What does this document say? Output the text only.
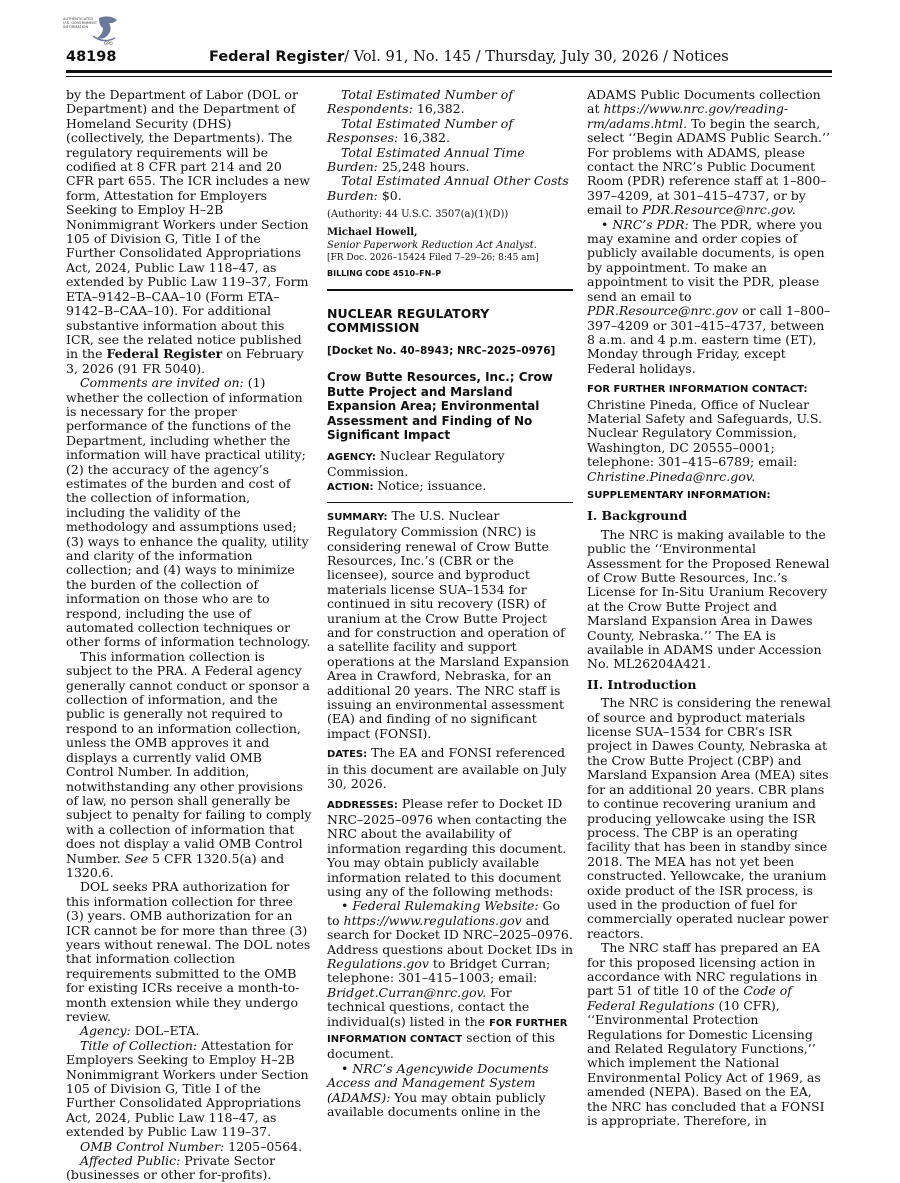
AUTHENTICATED
U.S. GOVERNMENT
INFORMATION
GPO
48198	Federal Register/ Vol. 91, No. 145 / Thursday, July 30, 2026 / Notices

by the Department of Labor (DOL or Department) and the Department of Homeland Security (DHS) (collectively, the Departments). The regulatory requirements will be codified at 8 CFR part 214 and 20 CFR part 655. The ICR includes a new form, Attestation for Employers Seeking to Employ H–2B Nonimmigrant Workers under Section 105 of Division G, Title I of the Further Consolidated Appropriations Act, 2024, Public Law 118–47, as extended by Public Law 119–37, Form ETA–9142–B–CAA–10 (Form ETA–9142–B–CAA–10). For additional substantive information about this ICR, see the related notice published in the Federal Register on February 3, 2026 (91 FR 5040).

Comments are invited on: (1) whether the collection of information is necessary for the proper performance of the functions of the Department, including whether the information will have practical utility; (2) the accuracy of the agency’s estimates of the burden and cost of the collection of information, including the validity of the methodology and assumptions used; (3) ways to enhance the quality, utility and clarity of the information collection; and (4) ways to minimize the burden of the collection of information on those who are to respond, including the use of automated collection techniques or other forms of information technology.

This information collection is subject to the PRA. A Federal agency generally cannot conduct or sponsor a collection of information, and the public is generally not required to respond to an information collection, unless the OMB approves it and displays a currently valid OMB Control Number. In addition, notwithstanding any other provisions of law, no person shall generally be subject to penalty for failing to comply with a collection of information that does not display a valid OMB Control Number. See 5 CFR 1320.5(a) and 1320.6.

DOL seeks PRA authorization for this information collection for three (3) years. OMB authorization for an ICR cannot be for more than three (3) years without renewal. The DOL notes that information collection requirements submitted to the OMB for existing ICRs receive a month-to-month extension while they undergo review.

Agency: DOL–ETA.

Title of Collection: Attestation for Employers Seeking to Employ H–2B Nonimmigrant Workers under Section 105 of Division G, Title I of the Further Consolidated Appropriations Act, 2024, Public Law 118–47, as extended by Public Law 119–37.

OMB Control Number: 1205–0564.

Affected Public: Private Sector (businesses or other for-profits).

Total Estimated Number of Respondents: 16,382.

Total Estimated Number of Responses: 16,382.

Total Estimated Annual Time Burden: 25,248 hours.

Total Estimated Annual Other Costs Burden: $0.

(Authority: 44 U.S.C. 3507(a)(1)(D))

Michael Howell,

Senior Paperwork Reduction Act Analyst.

[FR Doc. 2026–15424 Filed 7–29–26; 8:45 am]

BILLING CODE 4510–FN–P

NUCLEAR REGULATORY COMMISSION

[Docket No. 40–8943; NRC–2025–0976]

Crow Butte Resources, Inc.; Crow Butte Project and Marsland Expansion Area; Environmental Assessment and Finding of No Significant Impact

AGENCY: Nuclear Regulatory Commission.

ACTION: Notice; issuance.

SUMMARY: The U.S. Nuclear Regulatory Commission (NRC) is considering renewal of Crow Butte Resources, Inc.’s (CBR or the licensee), source and byproduct materials license SUA–1534 for continued in situ recovery (ISR) of uranium at the Crow Butte Project and for construction and operation of a satellite facility and support operations at the Marsland Expansion Area in Crawford, Nebraska, for an additional 20 years. The NRC staff is issuing an environmental assessment (EA) and finding of no significant impact (FONSI).

DATES: The EA and FONSI referenced in this document are available on July 30, 2026.

ADDRESSES: Please refer to Docket ID NRC–2025–0976 when contacting the NRC about the availability of information regarding this document. You may obtain publicly available information related to this document using any of the following methods:

• Federal Rulemaking Website: Go to https://www.regulations.gov and search for Docket ID NRC–2025–0976. Address questions about Docket IDs in Regulations.gov to Bridget Curran; telephone: 301–415–1003; email: Bridget.Curran@nrc.gov. For technical questions, contact the individual(s) listed in the FOR FURTHER INFORMATION CONTACT section of this document.

• NRC’s Agencywide Documents Access and Management System (ADAMS): You may obtain publicly available documents online in the

ADAMS Public Documents collection at https://www.nrc.gov/reading-rm/adams.html. To begin the search, select ‘‘Begin ADAMS Public Search.’’ For problems with ADAMS, please contact the NRC’s Public Document Room (PDR) reference staff at 1–800–397–4209, at 301–415–4737, or by email to PDR.Resource@nrc.gov.

• NRC’s PDR: The PDR, where you may examine and order copies of publicly available documents, is open by appointment. To make an appointment to visit the PDR, please send an email to PDR.Resource@nrc.gov or call 1–800–397–4209 or 301–415–4737, between 8 a.m. and 4 p.m. eastern time (ET), Monday through Friday, except Federal holidays.

FOR FURTHER INFORMATION CONTACT: Christine Pineda, Office of Nuclear Material Safety and Safeguards, U.S. Nuclear Regulatory Commission, Washington, DC 20555–0001; telephone: 301–415–6789; email: Christine.Pineda@nrc.gov.

SUPPLEMENTARY INFORMATION:

I. Background

The NRC is making available to the public the ‘‘Environmental Assessment for the Proposed Renewal of Crow Butte Resources, Inc.’s License for In-Situ Uranium Recovery at the Crow Butte Project and Marsland Expansion Area in Dawes County, Nebraska.’’ The EA is available in ADAMS under Accession No. ML26204A421.

II. Introduction

The NRC is considering the renewal of source and byproduct materials license SUA–1534 for CBR’s ISR project in Dawes County, Nebraska at the Crow Butte Project (CBP) and Marsland Expansion Area (MEA) sites for an additional 20 years. CBR plans to continue recovering uranium and producing yellowcake using the ISR process. The CBP is an operating facility that has been in standby since 2018. The MEA has not yet been constructed. Yellowcake, the uranium oxide product of the ISR process, is used in the production of fuel for commercially operated nuclear power reactors.

The NRC staff has prepared an EA for this proposed licensing action in accordance with NRC regulations in part 51 of title 10 of the Code of Federal Regulations (10 CFR), ‘‘Environmental Protection Regulations for Domestic Licensing and Related Regulatory Functions,’’ which implement the National Environmental Policy Act of 1969, as amended (NEPA). Based on the EA, the NRC has concluded that a FONSI is appropriate. Therefore, in
